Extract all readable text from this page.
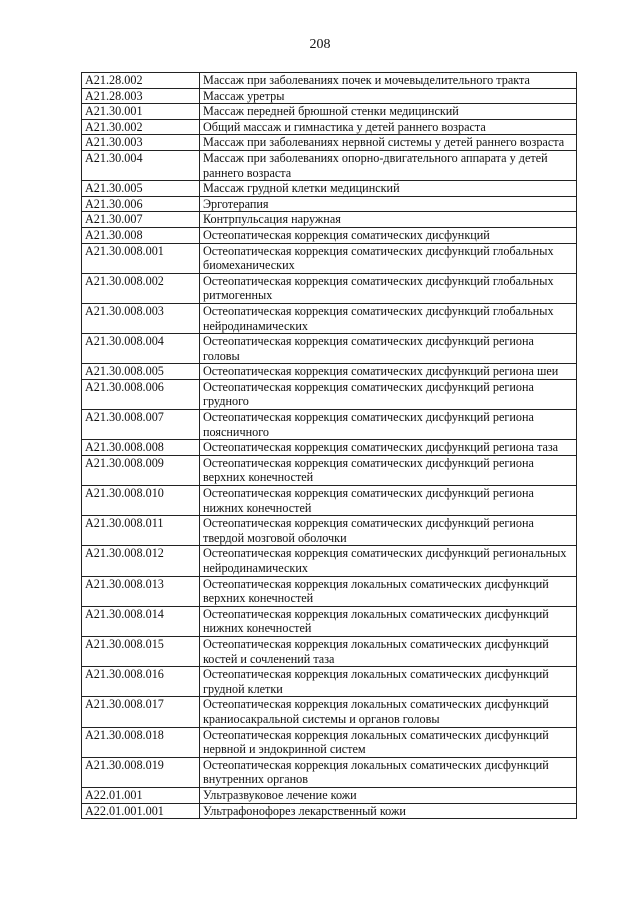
208
A21.28.002	Массаж при заболеваниях почек и мочевыделительного тракта
A21.28.003	Массаж уретры
A21.30.001	Массаж передней брюшной стенки медицинский
A21.30.002	Общий массаж и гимнастика у детей раннего возраста
A21.30.003	Массаж при заболеваниях нервной системы у детей раннего возраста
A21.30.004	Массаж при заболеваниях опорно-двигательного аппарата у детей раннего возраста
A21.30.005	Массаж грудной клетки медицинский
A21.30.006	Эрготерапия
A21.30.007	Контрпульсация наружная
A21.30.008	Остеопатическая коррекция соматических дисфункций
A21.30.008.001	Остеопатическая коррекция соматических дисфункций глобальных биомеханических
A21.30.008.002	Остеопатическая коррекция соматических дисфункций глобальных ритмогенных
A21.30.008.003	Остеопатическая коррекция соматических дисфункций глобальных нейродинамических
A21.30.008.004	Остеопатическая коррекция соматических дисфункций региона головы
A21.30.008.005	Остеопатическая коррекция соматических дисфункций региона шеи
A21.30.008.006	Остеопатическая коррекция соматических дисфункций региона грудного
A21.30.008.007	Остеопатическая коррекция соматических дисфункций региона поясничного
A21.30.008.008	Остеопатическая коррекция соматических дисфункций региона таза
A21.30.008.009	Остеопатическая коррекция соматических дисфункций региона верхних конечностей
A21.30.008.010	Остеопатическая коррекция соматических дисфункций региона нижних конечностей
A21.30.008.011	Остеопатическая коррекция соматических дисфункций региона твердой мозговой оболочки
A21.30.008.012	Остеопатическая коррекция соматических дисфункций региональных нейродинамических
A21.30.008.013	Остеопатическая коррекция локальных соматических дисфункций верхних конечностей
A21.30.008.014	Остеопатическая коррекция локальных соматических дисфункций нижних конечностей
A21.30.008.015	Остеопатическая коррекция локальных соматических дисфункций костей и сочленений таза
A21.30.008.016	Остеопатическая коррекция локальных соматических дисфункций грудной клетки
A21.30.008.017	Остеопатическая коррекция локальных соматических дисфункций краниосакральной системы и органов головы
A21.30.008.018	Остеопатическая коррекция локальных соматических дисфункций нервной и эндокринной систем
A21.30.008.019	Остеопатическая коррекция локальных соматических дисфункций внутренних органов
A22.01.001	Ультразвуковое лечение кожи
A22.01.001.001	Ультрафонофорез лекарственный кожи
